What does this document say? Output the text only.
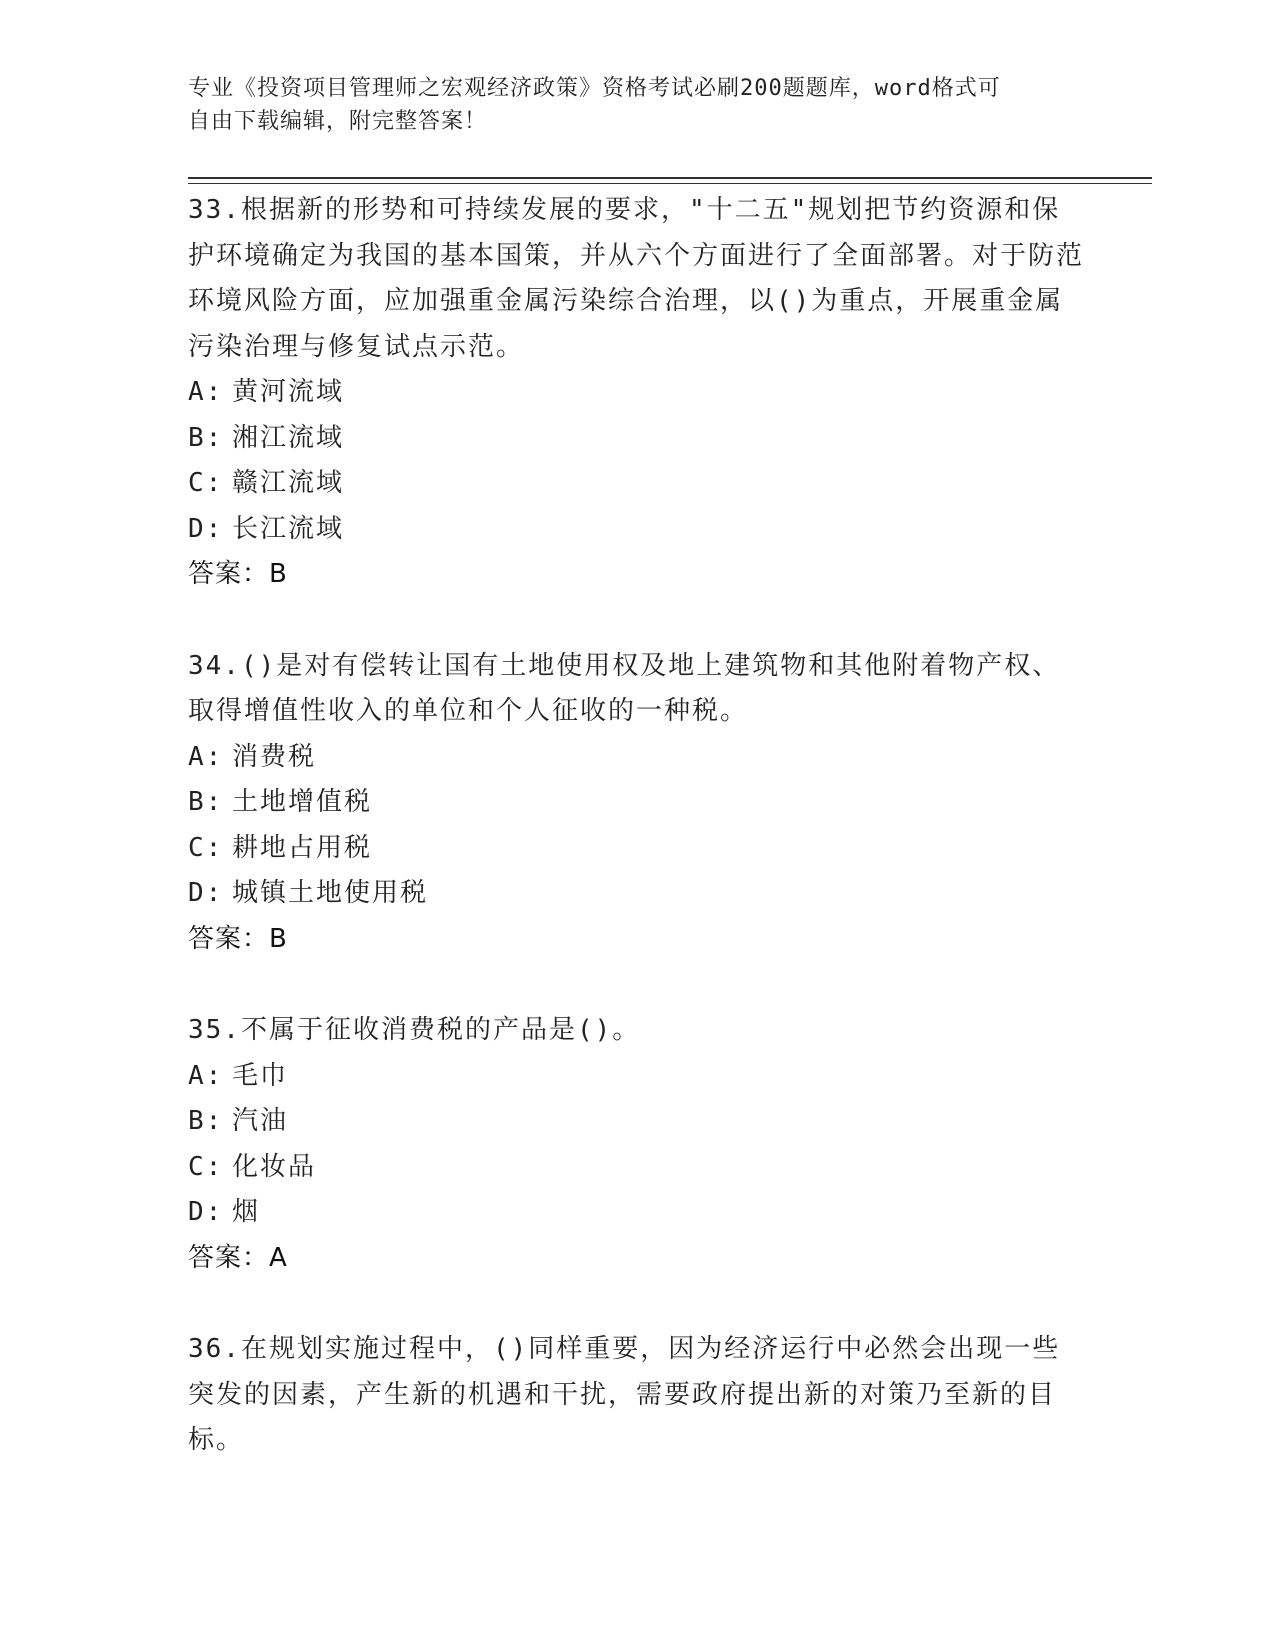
专业《投资项目管理师之宏观经济政策》资格考试必刷200题题库，word格式可
自由下载编辑，附完整答案！

33.根据新的形势和可持续发展的要求，"十二五"规划把节约资源和保护环境确定为我国的基本国策，并从六个方面进行了全面部署。对于防范环境风险方面，应加强重金属污染综合治理，以()为重点，开展重金属污染治理与修复试点示范。

A: 黄河流域
B: 湘江流域
C: 赣江流域
D: 长江流域
答案：B

34.()是对有偿转让国有土地使用权及地上建筑物和其他附着物产权、取得增值性收入的单位和个人征收的一种税。

A: 消费税
B: 土地增值税
C: 耕地占用税
D: 城镇土地使用税
答案：B

35.不属于征收消费税的产品是()。

A: 毛巾
B: 汽油
C: 化妆品
D: 烟
答案：A

36.在规划实施过程中，()同样重要，因为经济运行中必然会出现一些突发的因素，产生新的机遇和干扰，需要政府提出新的对策乃至新的目标。
